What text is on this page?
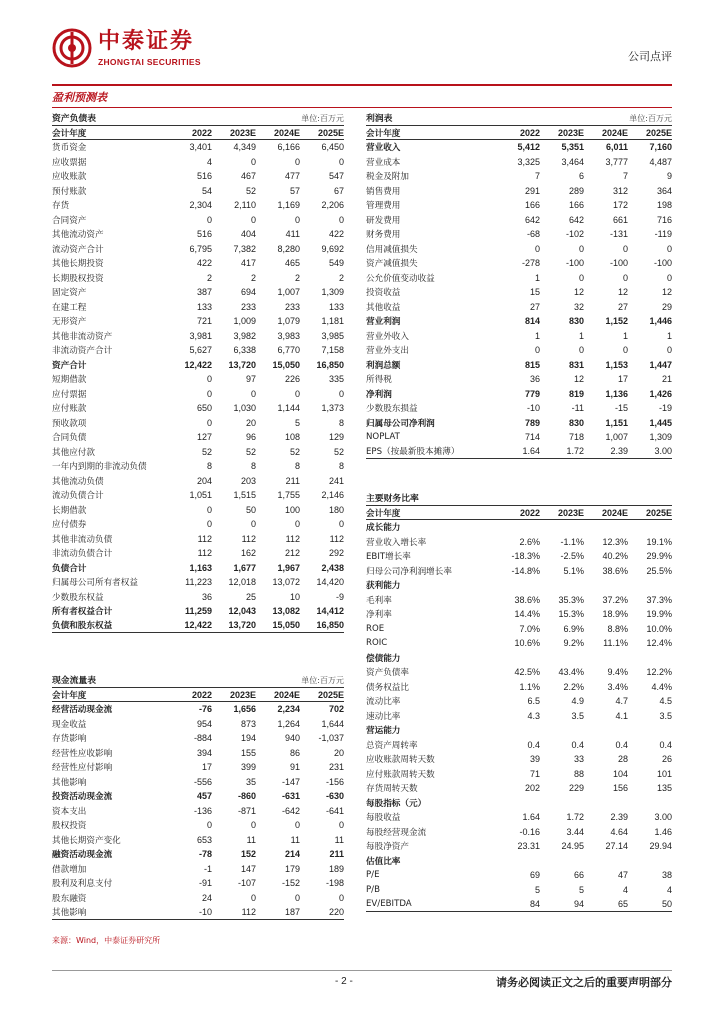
中泰证券
ZHONGTAI SECURITIES	公司点评
盈利预测表
资产负债表	单位:百万元
会计年度	2022	2023E	2024E	2025E
货币资金	3,401	4,349	6,166	6,450
应收票据	4	0	0	0
应收账款	516	467	477	547
预付账款	54	52	57	67
存货	2,304	2,110	1,169	2,206
合同资产	0	0	0	0
其他流动资产	516	404	411	422
流动资产合计	6,795	7,382	8,280	9,692
其他长期投资	422	417	465	549
长期股权投资	2	2	2	2
固定资产	387	694	1,007	1,309
在建工程	133	233	233	133
无形资产	721	1,009	1,079	1,181
其他非流动资产	3,981	3,982	3,983	3,985
非流动资产合计	5,627	6,338	6,770	7,158
资产合计	12,422	13,720	15,050	16,850
短期借款	0	97	226	335
应付票据	0	0	0	0
应付账款	650	1,030	1,144	1,373
预收款项	0	20	5	8
合同负债	127	96	108	129
其他应付款	52	52	52	52
一年内到期的非流动负债	8	8	8	8
其他流动负债	204	203	211	241
流动负债合计	1,051	1,515	1,755	2,146
长期借款	0	50	100	180
应付债券	0	0	0	0
其他非流动负债	112	112	112	112
非流动负债合计	112	162	212	292
负债合计	1,163	1,677	1,967	2,438
归属母公司所有者权益	11,223	12,018	13,072	14,420
少数股东权益	36	25	10	-9
所有者权益合计	11,259	12,043	13,082	14,412
负债和股东权益	12,422	13,720	15,050	16,850
现金流量表	单位:百万元
会计年度	2022	2023E	2024E	2025E
经营活动现金流	-76	1,656	2,234	702
现金收益	954	873	1,264	1,644
存货影响	-884	194	940	-1,037
经营性应收影响	394	155	86	20
经营性应付影响	17	399	91	231
其他影响	-556	35	-147	-156
投资活动现金流	457	-860	-631	-630
资本支出	-136	-871	-642	-641
股权投资	0	0	0	0
其他长期资产变化	653	11	11	11
融资活动现金流	-78	152	214	211
借款增加	-1	147	179	189
股利及利息支付	-91	-107	-152	-198
股东融资	24	0	0	0
其他影响	-10	112	187	220
利润表	单位:百万元
会计年度	2022	2023E	2024E	2025E
营业收入	5,412	5,351	6,011	7,160
营业成本	3,325	3,464	3,777	4,487
税金及附加	7	6	7	9
销售费用	291	289	312	364
管理费用	166	166	172	198
研发费用	642	642	661	716
财务费用	-68	-102	-131	-119
信用减值损失	0	0	0	0
资产减值损失	-278	-100	-100	-100
公允价值变动收益	1	0	0	0
投资收益	15	12	12	12
其他收益	27	32	27	29
营业利润	814	830	1,152	1,446
营业外收入	1	1	1	1
营业外支出	0	0	0	0
利润总额	815	831	1,153	1,447
所得税	36	12	17	21
净利润	779	819	1,136	1,426
少数股东损益	-10	-11	-15	-19
归属母公司净利润	789	830	1,151	1,445
NOPLAT	714	718	1,007	1,309
EPS（按最新股本摊薄）	1.64	1.72	2.39	3.00
主要财务比率
会计年度	2022	2023E	2024E	2025E
成长能力
营业收入增长率	2.6%	-1.1%	12.3%	19.1%
EBIT增长率	-18.3%	-2.5%	40.2%	29.9%
归母公司净利润增长率	-14.8%	5.1%	38.6%	25.5%
获利能力
毛利率	38.6%	35.3%	37.2%	37.3%
净利率	14.4%	15.3%	18.9%	19.9%
ROE	7.0%	6.9%	8.8%	10.0%
ROIC	10.6%	9.2%	11.1%	12.4%
偿债能力
资产负债率	42.5%	43.4%	9.4%	12.2%
债务权益比	1.1%	2.2%	3.4%	4.4%
流动比率	6.5	4.9	4.7	4.5
速动比率	4.3	3.5	4.1	3.5
营运能力
总资产周转率	0.4	0.4	0.4	0.4
应收账款周转天数	39	33	28	26
应付账款周转天数	71	88	104	101
存货周转天数	202	229	156	135
每股指标（元）
每股收益	1.64	1.72	2.39	3.00
每股经营现金流	-0.16	3.44	4.64	1.46
每股净资产	23.31	24.95	27.14	29.94
估值比率
P/E	69	66	47	38
P/B	5	5	4	4
EV/EBITDA	84	94	65	50
来源：Wind，中泰证券研究所
- 2 -	请务必阅读正文之后的重要声明部分
